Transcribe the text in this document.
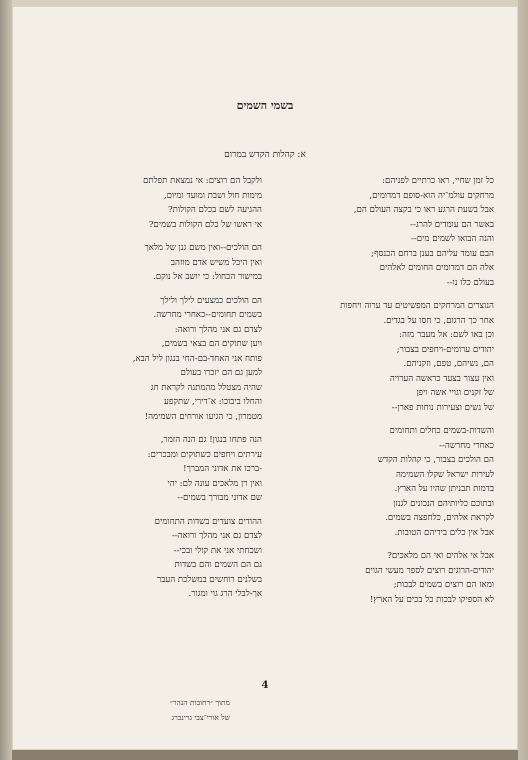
בשמי השמים
א: קהלות הקדש במרום
כל זמן שחיי, ראו כרתיים לפניהם:
מרחקים עולמ־יה הוא-סופם דמדומים,
אבל בשעת הרגע ראו כי בקצה העולם הם,
באשר הם עומדים להרג--
והנה הבואו לשמים מים--
הבם עומד עליהם בענן ברחם הכנסף;
אלה הם דמדומים החומים לאלהים
בעולם כלו נו--
הנוצרים המרחקים המפשיטים עד ערוה ויחפות
אחר כך הרגום, כי חסו על בגדים.
וכן באו לשם: אל מעבר מזה:
יהודים ערומים-ויחפים בצבור;
הם, נשיהם, טפם, וזקניהם.
ואין עצור בצעד כראשה הערויה
של זקנים וגויי אשה ויפן
של נשים וצעירות נוחות פארן--
והשדות-בשמים כחלים ותחומים
כאחרי מחרשה--
הם הולכים בצבור, כי קהלות הקדש
לעירות ישראל שקלו השמימה
בדמות תבניתן שהיו על הארץ.
ובתוכם כליותיהם הנכונים לגנזן
לקראת אלהים, כלחפצה בשמים.
אבל אין כלים בידיהם הטובות.
אבל אי אלהים ואי הם מלאכים?
יהודים-הרוגים רוצים לספר מעשי הגוים
ומאז הם רוצים בשמים לבכות;
לא הספיקו לבכות כל בכים על הארץ!
ולקבל הם רוצים: אי נמצאת תפלתם
מימות חול ושבת ומועד ומיום,
ההגיעה לשם בכלם הקולות?
אי ראשו של כלם הקולות בשמים?
הם הולכים--ואין משם גנן של מלאך
ואין היכל משיש אדם מוזהב
במישור הכחול: כי יושב אל נוקם.
הם הולכים כמצעים לילך ולילך
בשמים תחומים--כאחרי מחרשה.
לצדם גם אני מהלך ורואה:
ויען שתוקים הם בצאי בשמים,
פותח אני האחד-בם-החי בנגון ליל הבא,
למען גם הם יזכרו בעולם
שהיה מצטלל מהמתנה לקראת חג
והחלו ביבוכו: א־דירי, שתקפע
מטמרון, כי הגיעו אורחים השמימה!
הנה פתחו בנגון! גם הנה הזמר,
עירתים ויחפים כשתוקים ומבכרים:
-ברכו את אדוני המברך!
ואין רן מלאכים עונה לם: יהי
שם אדוני מבורך בשמים--
ההודים צועדים בשדות התחומים
לצדם גם אני מהלך ורואה--
ושכחתי אני את קולי ובכי--
גם הם השמים והם בשדות
בשלנים רוחשים במשלכת העבר
אך-לבלי הרג גוי ומגור.
4
מתוך ״רחובות הנהר״
של אורי־צבי גרינברג
